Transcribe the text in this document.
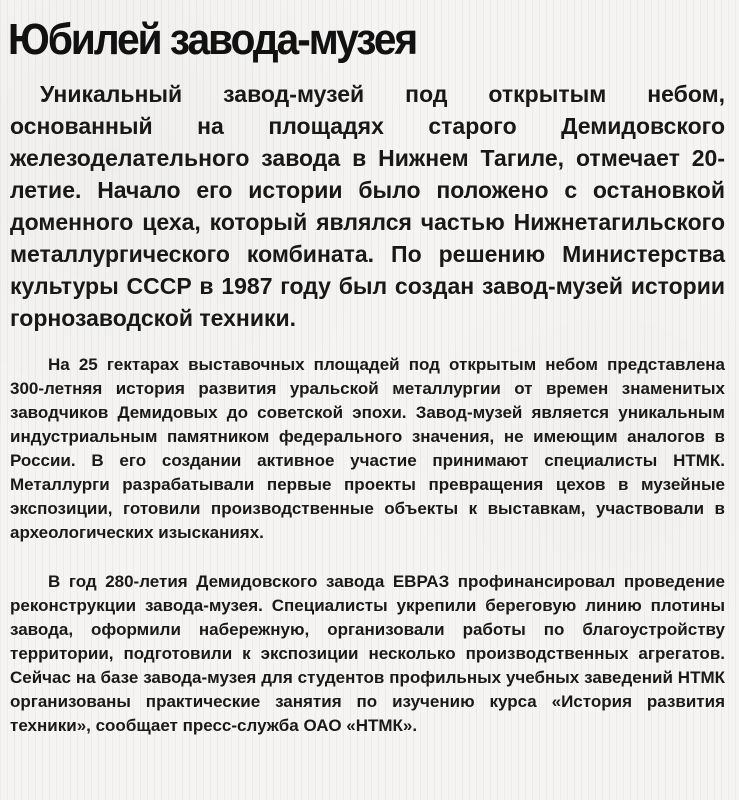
Юбилей завода-музея

Уникальный завод-музей под открытым небом, основанный на площадях старого Демидовского железоделательного завода в Нижнем Тагиле, отмечает 20-летие. Начало его истории было положено с остановкой доменного цеха, который являлся частью Нижнетагильского металлургического комбината. По решению Министерства культуры СССР в 1987 году был создан завод-музей истории горнозаводской техники.

На 25 гектарах выставочных площадей под открытым небом представлена 300-летняя история развития уральской металлургии от времен знаменитых заводчиков Демидовых до советской эпохи. Завод-музей является уникальным индустриальным памятником федерального значения, не имеющим аналогов в России. В его создании активное участие принимают специалисты НТМК. Металлурги разрабатывали первые проекты превращения цехов в музейные экспозиции, готовили производственные объекты к выставкам, участвовали в археологических изысканиях.

В год 280-летия Демидовского завода ЕВРАЗ профинансировал проведение реконструкции завода-музея. Специалисты укрепили береговую линию плотины завода, оформили набережную, организовали работы по благоустройству территории, подготовили к экспозиции несколько производственных агрегатов. Сейчас на базе завода-музея для студентов профильных учебных заведений НТМК организованы практические занятия по изучению курса «История развития техники», сообщает пресс-служба ОАО «НТМК».
